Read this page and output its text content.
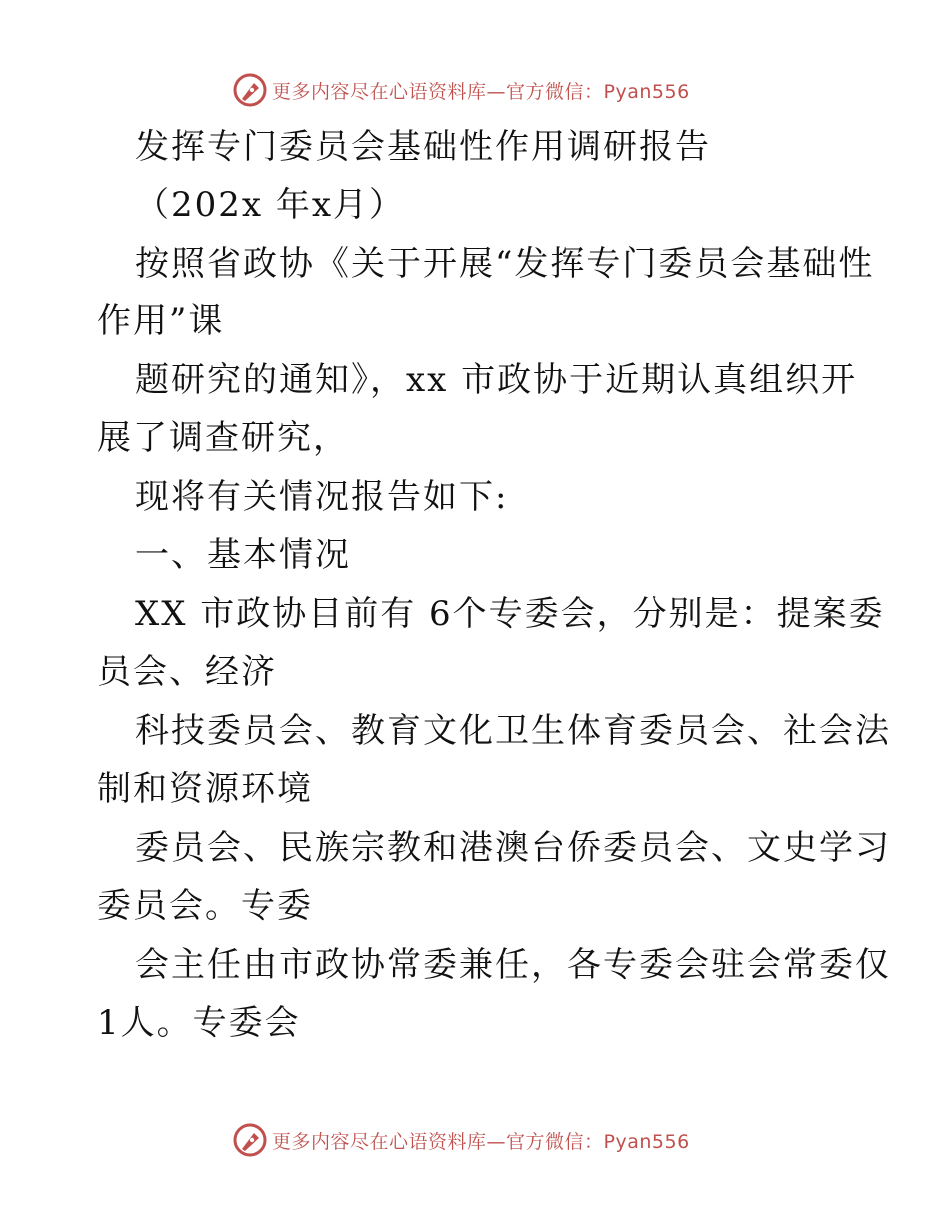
更多内容尽在心语资料库—官方微信：Pyan556
发挥专门委员会基础性作用调研报告
（202x 年x月）
按照省政协《关于开展“发挥专门委员会基础性
作用”课
题研究的通知》，xx 市政协于近期认真组织开
展了调查研究，
现将有关情况报告如下:
一、基本情况
XX 市政协目前有 6个专委会，分别是：提案委
员会、经济
科技委员会、教育文化卫生体育委员会、社会法
制和资源环境
委员会、民族宗教和港澳台侨委员会、文史学习
委员会。专委
会主任由市政协常委兼任，各专委会驻会常委仅
1人。专委会
更多内容尽在心语资料库—官方微信：Pyan556
